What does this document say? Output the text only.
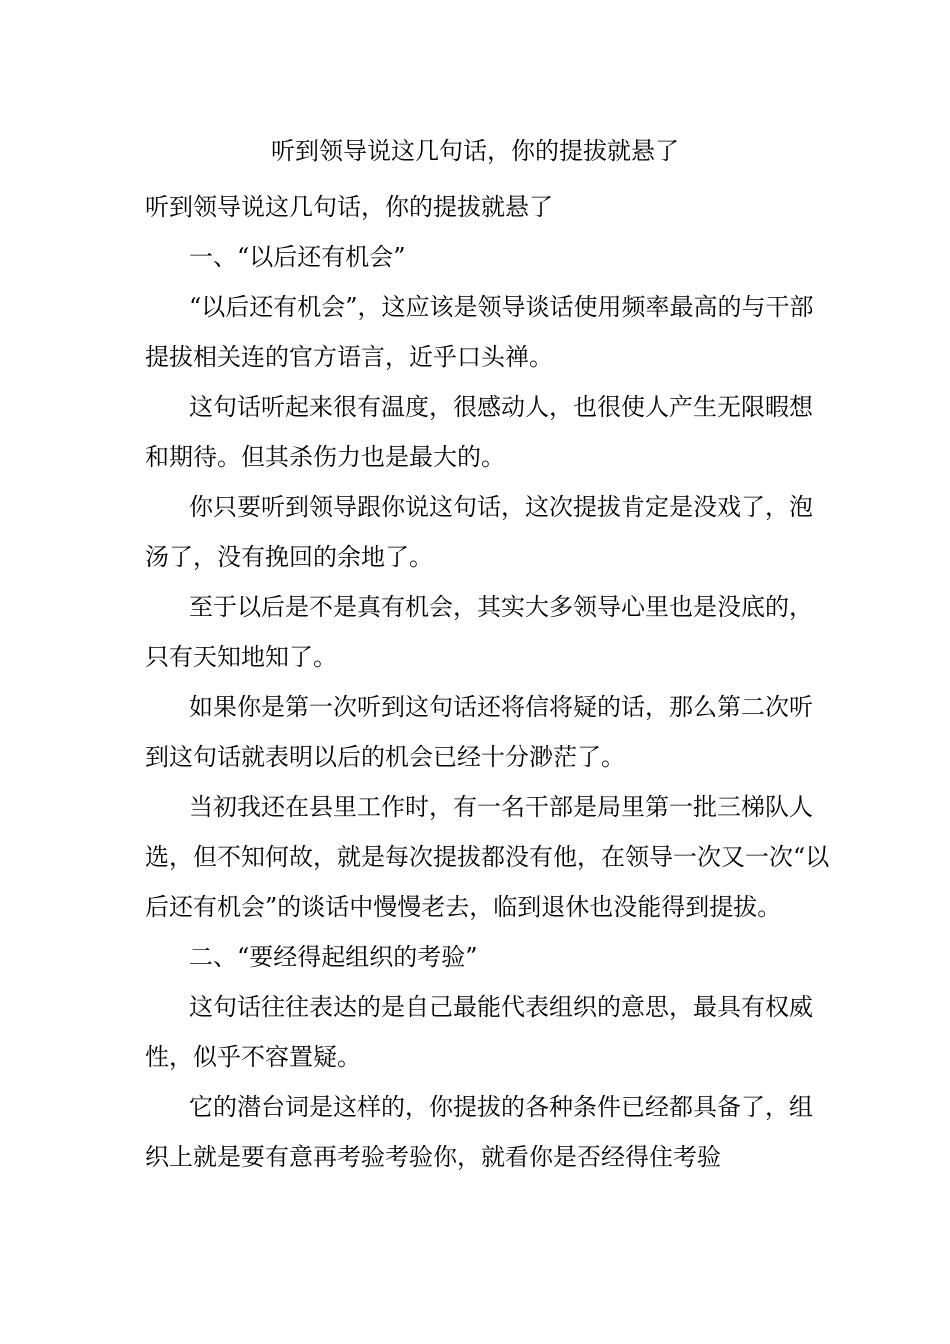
听到领导说这几句话，你的提拔就悬了

听到领导说这几句话，你的提拔就悬了

一、“以后还有机会”

“以后还有机会”，这应该是领导谈话使用频率最高的与干部提拔相关连的官方语言，近乎口头禅。

这句话听起来很有温度，很感动人，也很使人产生无限暇想和期待。但其杀伤力也是最大的。

你只要听到领导跟你说这句话，这次提拔肯定是没戏了，泡汤了，没有挽回的余地了。

至于以后是不是真有机会，其实大多领导心里也是没底的，只有天知地知了。

如果你是第一次听到这句话还将信将疑的话，那么第二次听到这句话就表明以后的机会已经十分渺茫了。

当初我还在县里工作时，有一名干部是局里第一批三梯队人选，但不知何故，就是每次提拔都没有他，在领导一次又一次“以后还有机会”的谈话中慢慢老去，临到退休也没能得到提拔。

二、“要经得起组织的考验”

这句话往往表达的是自己最能代表组织的意思，最具有权威性，似乎不容置疑。

它的潜台词是这样的，你提拔的各种条件已经都具备了，组织上就是要有意再考验考验你，就看你是否经得住考验
